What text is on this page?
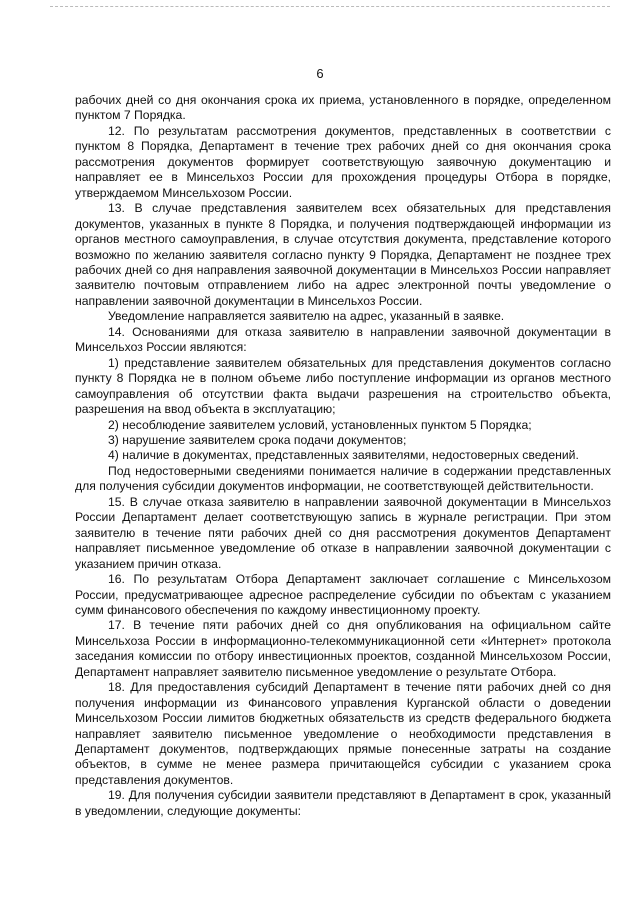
6

рабочих дней со дня окончания срока их приема, установленного в порядке, определенном пунктом 7 Порядка.

12. По результатам рассмотрения документов, представленных в соответствии с пунктом 8 Порядка, Департамент в течение трех рабочих дней со дня окончания срока рассмотрения документов формирует соответствующую заявочную документацию и направляет ее в Минсельхоз России для прохождения процедуры Отбора в порядке, утверждаемом Минсельхозом России.

13. В случае представления заявителем всех обязательных для представления документов, указанных в пункте 8 Порядка, и получения подтверждающей информации из органов местного самоуправления, в случае отсутствия документа, представление которого возможно по желанию заявителя согласно пункту 9 Порядка, Департамент не позднее трех рабочих дней со дня направления заявочной документации в Минсельхоз России направляет заявителю почтовым отправлением либо на адрес электронной почты уведомление о направлении заявочной документации в Минсельхоз России.

Уведомление направляется заявителю на адрес, указанный в заявке.

14. Основаниями для отказа заявителю в направлении заявочной документации в Минсельхоз России являются:

1) представление заявителем обязательных для представления документов согласно пункту 8 Порядка не в полном объеме либо поступление информации из органов местного самоуправления об отсутствии факта выдачи разрешения на строительство объекта, разрешения на ввод объекта в эксплуатацию;

2) несоблюдение заявителем условий, установленных пунктом 5 Порядка;

3) нарушение заявителем срока подачи документов;

4) наличие в документах, представленных заявителями, недостоверных сведений.

Под недостоверными сведениями понимается наличие в содержании представленных для получения субсидии документов информации, не соответствующей действительности.

15. В случае отказа заявителю в направлении заявочной документации в Минсельхоз России Департамент делает соответствующую запись в журнале регистрации. При этом заявителю в течение пяти рабочих дней со дня рассмотрения документов Департамент направляет письменное уведомление об отказе в направлении заявочной документации с указанием причин отказа.

16. По результатам Отбора Департамент заключает соглашение с Минсельхозом России, предусматривающее адресное распределение субсидии по объектам с указанием сумм финансового обеспечения по каждому инвестиционному проекту.

17. В течение пяти рабочих дней со дня опубликования на официальном сайте Минсельхоза России в информационно-телекоммуникационной сети «Интернет» протокола заседания комиссии по отбору инвестиционных проектов, созданной Минсельхозом России, Департамент направляет заявителю письменное уведомление о результате Отбора.

18. Для предоставления субсидий Департамент в течение пяти рабочих дней со дня получения информации из Финансового управления Курганской области о доведении Минсельхозом России лимитов бюджетных обязательств из средств федерального бюджета направляет заявителю письменное уведомление о необходимости представления в Департамент документов, подтверждающих прямые понесенные затраты на создание объектов, в сумме не менее размера причитающейся субсидии с указанием срока представления документов.

19. Для получения субсидии заявители представляют в Департамент в срок, указанный в уведомлении, следующие документы:
